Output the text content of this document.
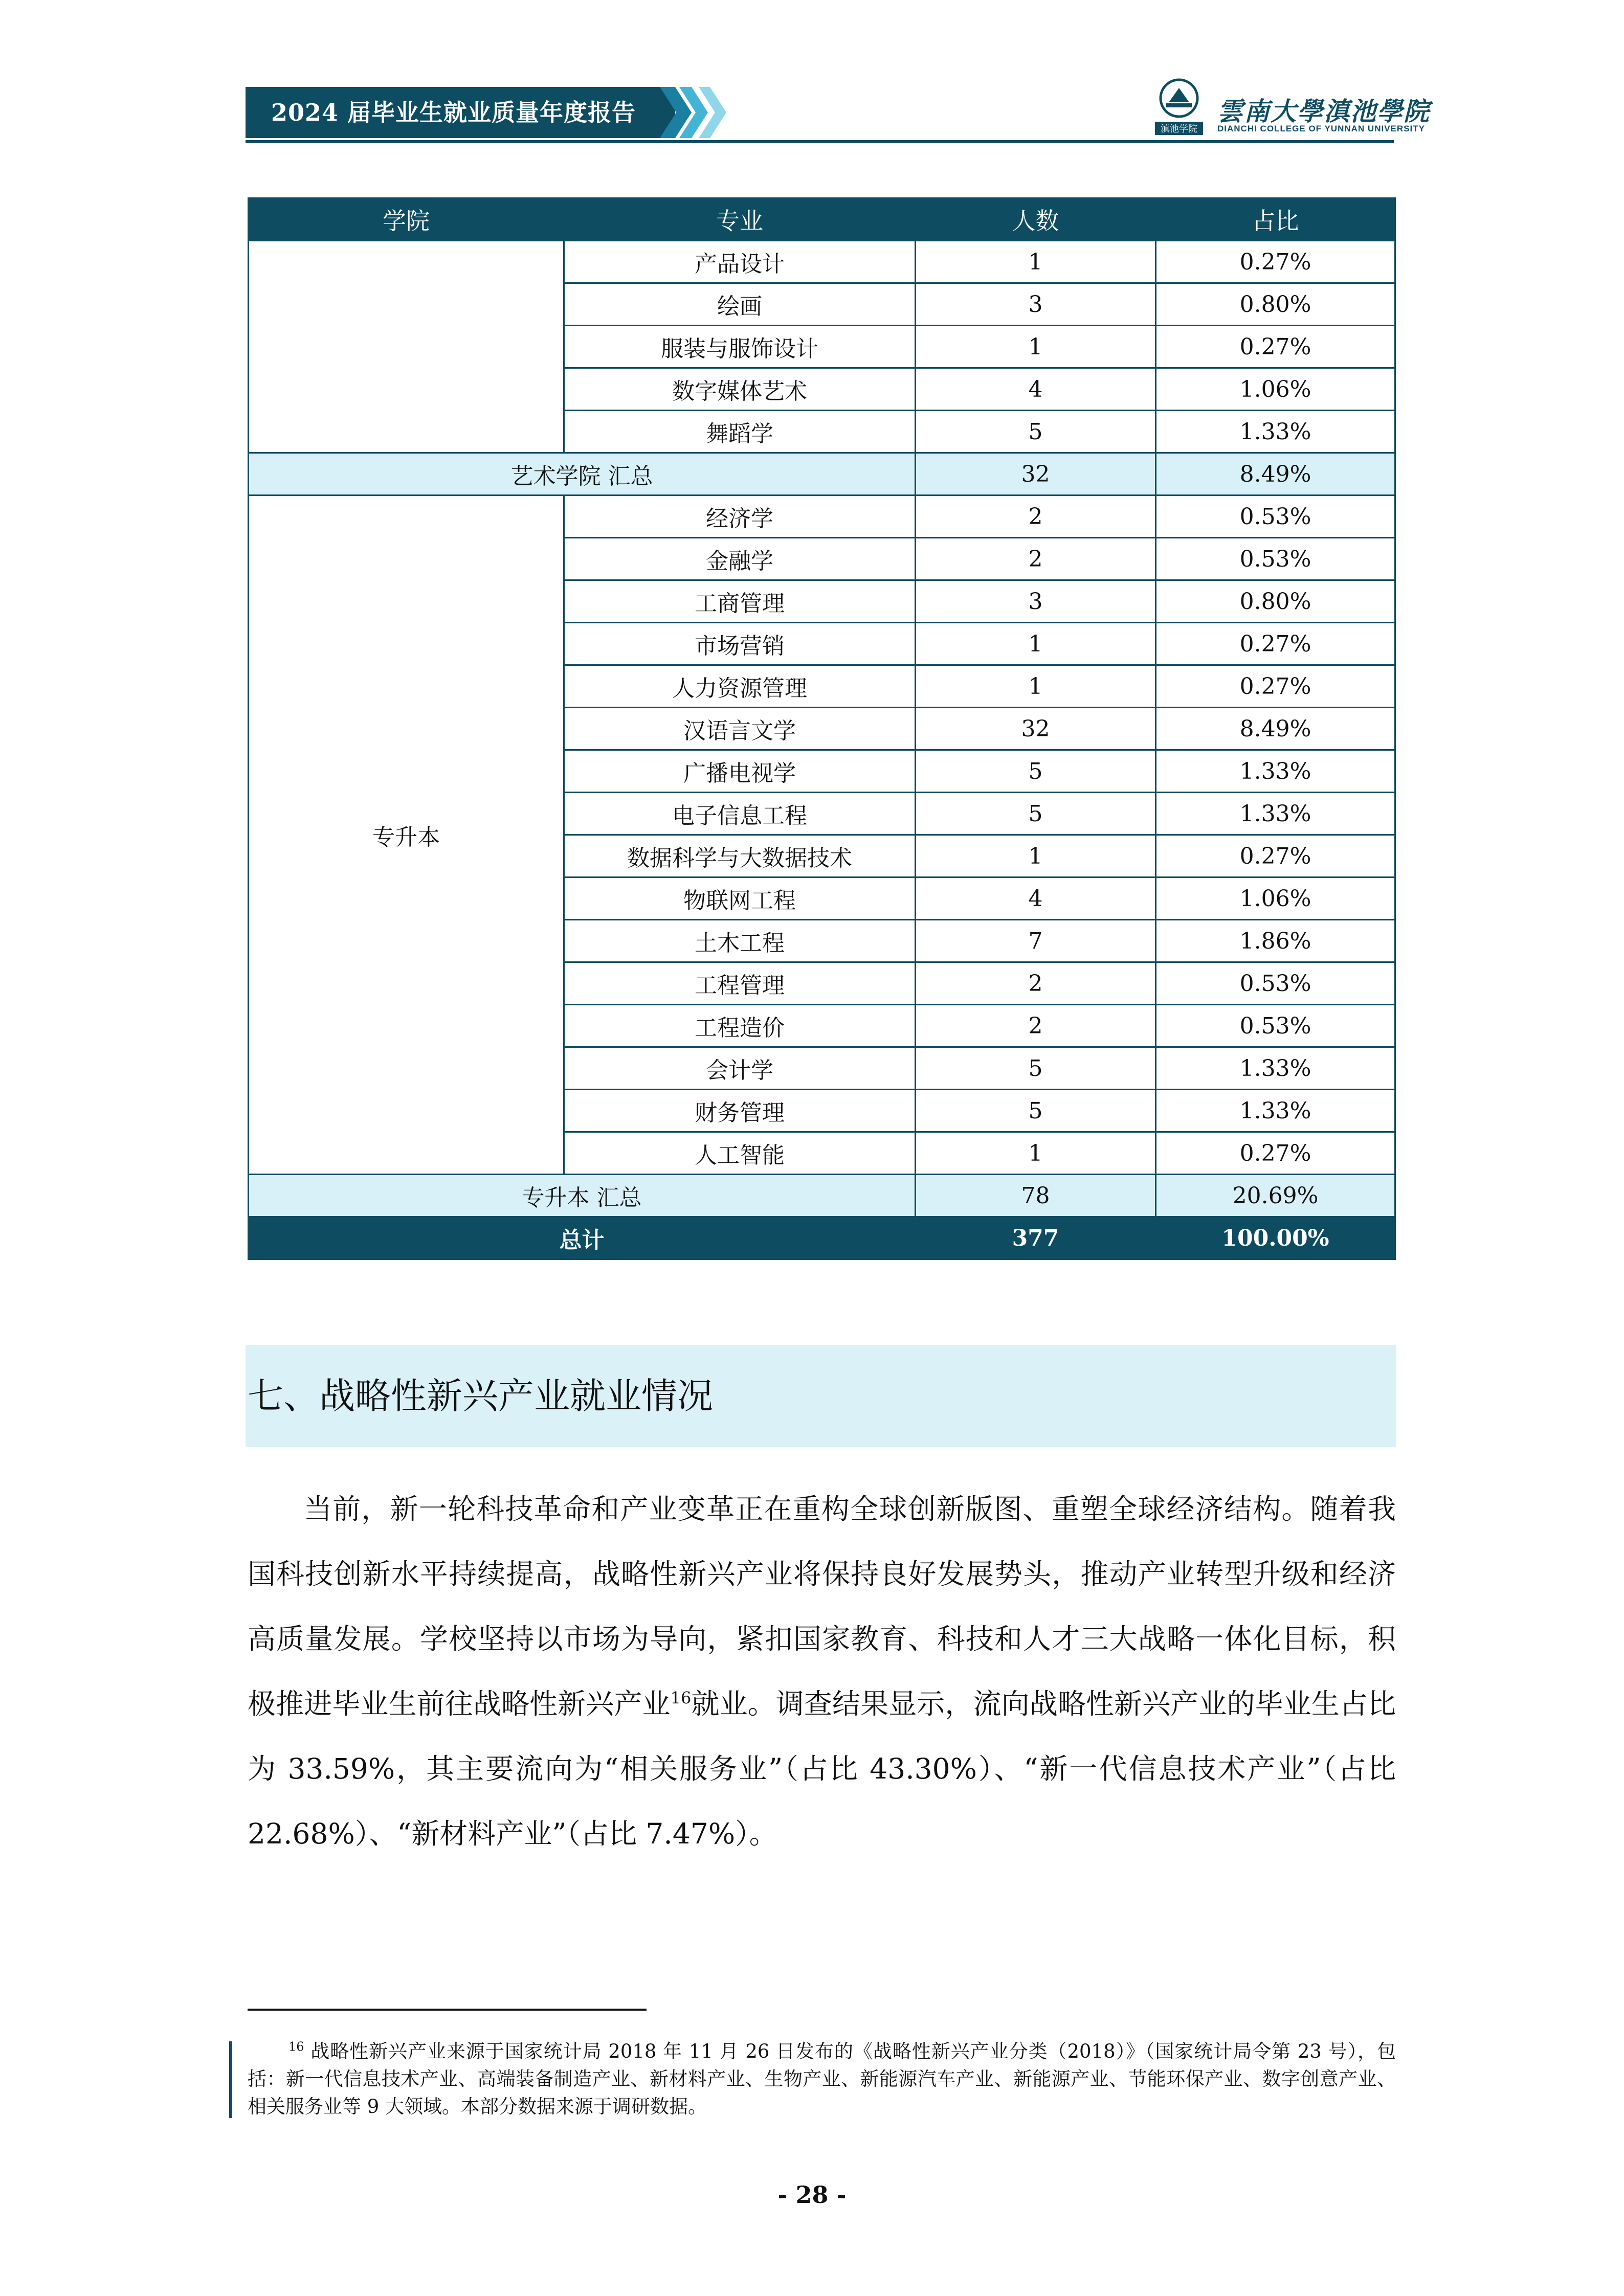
2024 届毕业生就业质量年度报告
滇池学院
雲南大學滇池學院
DIANCHI COLLEGE OF YUNNAN UNIVERSITY
学院	专业	人数	占比
	产品设计	1	0.27%
	绘画	3	0.80%
	服装与服饰设计	1	0.27%
	数字媒体艺术	4	1.06%
	舞蹈学	5	1.33%
艺术学院 汇总		32	8.49%
专升本	经济学	2	0.53%
	金融学	2	0.53%
	工商管理	3	0.80%
	市场营销	1	0.27%
	人力资源管理	1	0.27%
	汉语言文学	32	8.49%
	广播电视学	5	1.33%
	电子信息工程	5	1.33%
	数据科学与大数据技术	1	0.27%
	物联网工程	4	1.06%
	土木工程	7	1.86%
	工程管理	2	0.53%
	工程造价	2	0.53%
	会计学	5	1.33%
	财务管理	5	1.33%
	人工智能	1	0.27%
专升本 汇总		78	20.69%
总计		377	100.00%
七、战略性新兴产业就业情况

当前，新一轮科技革命和产业变革正在重构全球创新版图、重塑全球经济结构。随着我国科技创新水平持续提高，战略性新兴产业将保持良好发展势头，推动产业转型升级和经济高质量发展。学校坚持以市场为导向，紧扣国家教育、科技和人才三大战略一体化目标，积极推进毕业生前往战略性新兴产业$^{16}$就业。调查结果显示，流向战略性新兴产业的毕业生占比为 33.59%，其主要流向为“相关服务业”（占比 43.30%）、“新一代信息技术产业”（占比 22.68%）、“新材料产业”（占比 7.47%）。

$^{16}$ 战略性新兴产业来源于国家统计局 2018 年 11 月 26 日发布的《战略性新兴产业分类（2018）》（国家统计局令第 23 号），包括：新一代信息技术产业、高端装备制造产业、新材料产业、生物产业、新能源汽车产业、新能源产业、节能环保产业、数字创意产业、相关服务业等 9 大领域。本部分数据来源于调研数据。

- 28 -
